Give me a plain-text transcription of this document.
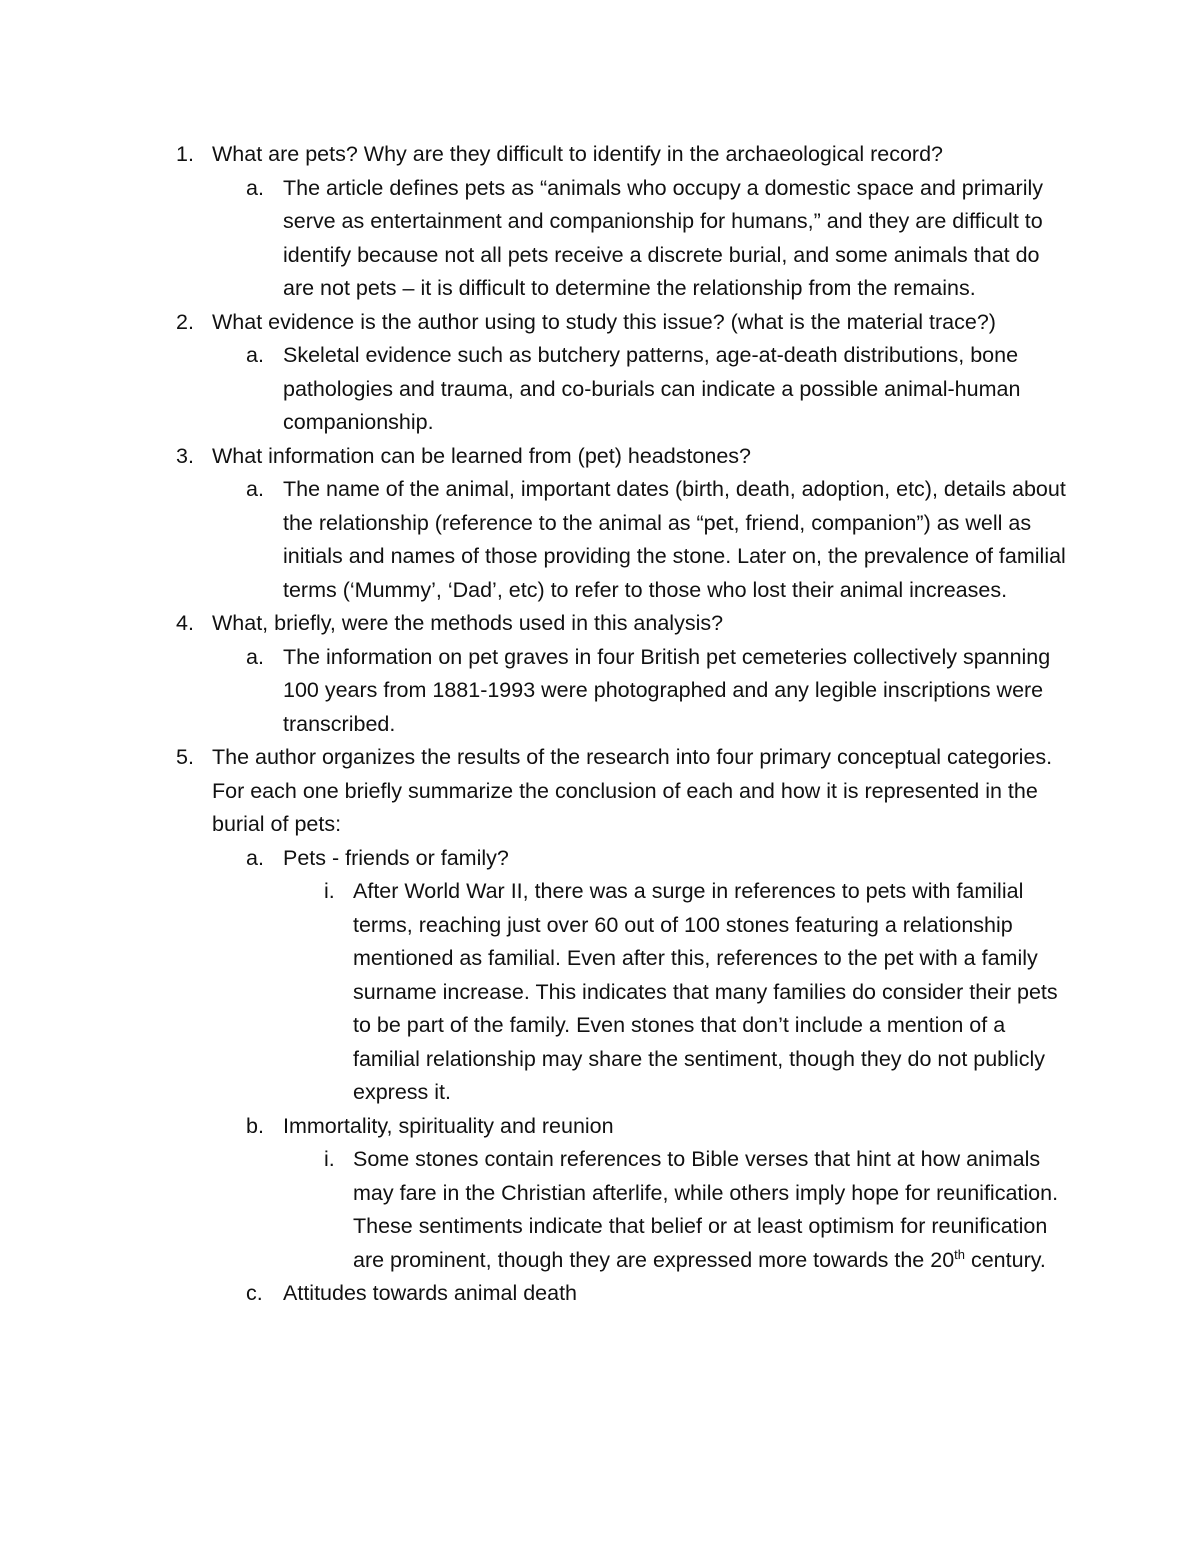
1. What are pets? Why are they difficult to identify in the archaeological record?
a. The article defines pets as “animals who occupy a domestic space and primarily serve as entertainment and companionship for humans,” and they are difficult to identify because not all pets receive a discrete burial, and some animals that do are not pets – it is difficult to determine the relationship from the remains.
2. What evidence is the author using to study this issue? (what is the material trace?)
a. Skeletal evidence such as butchery patterns, age-at-death distributions, bone pathologies and trauma, and co-burials can indicate a possible animal-human companionship.
3. What information can be learned from (pet) headstones?
a. The name of the animal, important dates (birth, death, adoption, etc), details about the relationship (reference to the animal as “pet, friend, companion”) as well as initials and names of those providing the stone. Later on, the prevalence of familial terms (‘Mummy’, ‘Dad’, etc) to refer to those who lost their animal increases.
4. What, briefly, were the methods used in this analysis?
a. The information on pet graves in four British pet cemeteries collectively spanning 100 years from 1881-1993 were photographed and any legible inscriptions were transcribed.
5. The author organizes the results of the research into four primary conceptual categories. For each one briefly summarize the conclusion of each and how it is represented in the burial of pets:
a. Pets - friends or family?
i. After World War II, there was a surge in references to pets with familial terms, reaching just over 60 out of 100 stones featuring a relationship mentioned as familial. Even after this, references to the pet with a family surname increase. This indicates that many families do consider their pets to be part of the family. Even stones that don’t include a mention of a familial relationship may share the sentiment, though they do not publicly express it.
b. Immortality, spirituality and reunion
i. Some stones contain references to Bible verses that hint at how animals may fare in the Christian afterlife, while others imply hope for reunification. These sentiments indicate that belief or at least optimism for reunification are prominent, though they are expressed more towards the 20th century.
c. Attitudes towards animal death
